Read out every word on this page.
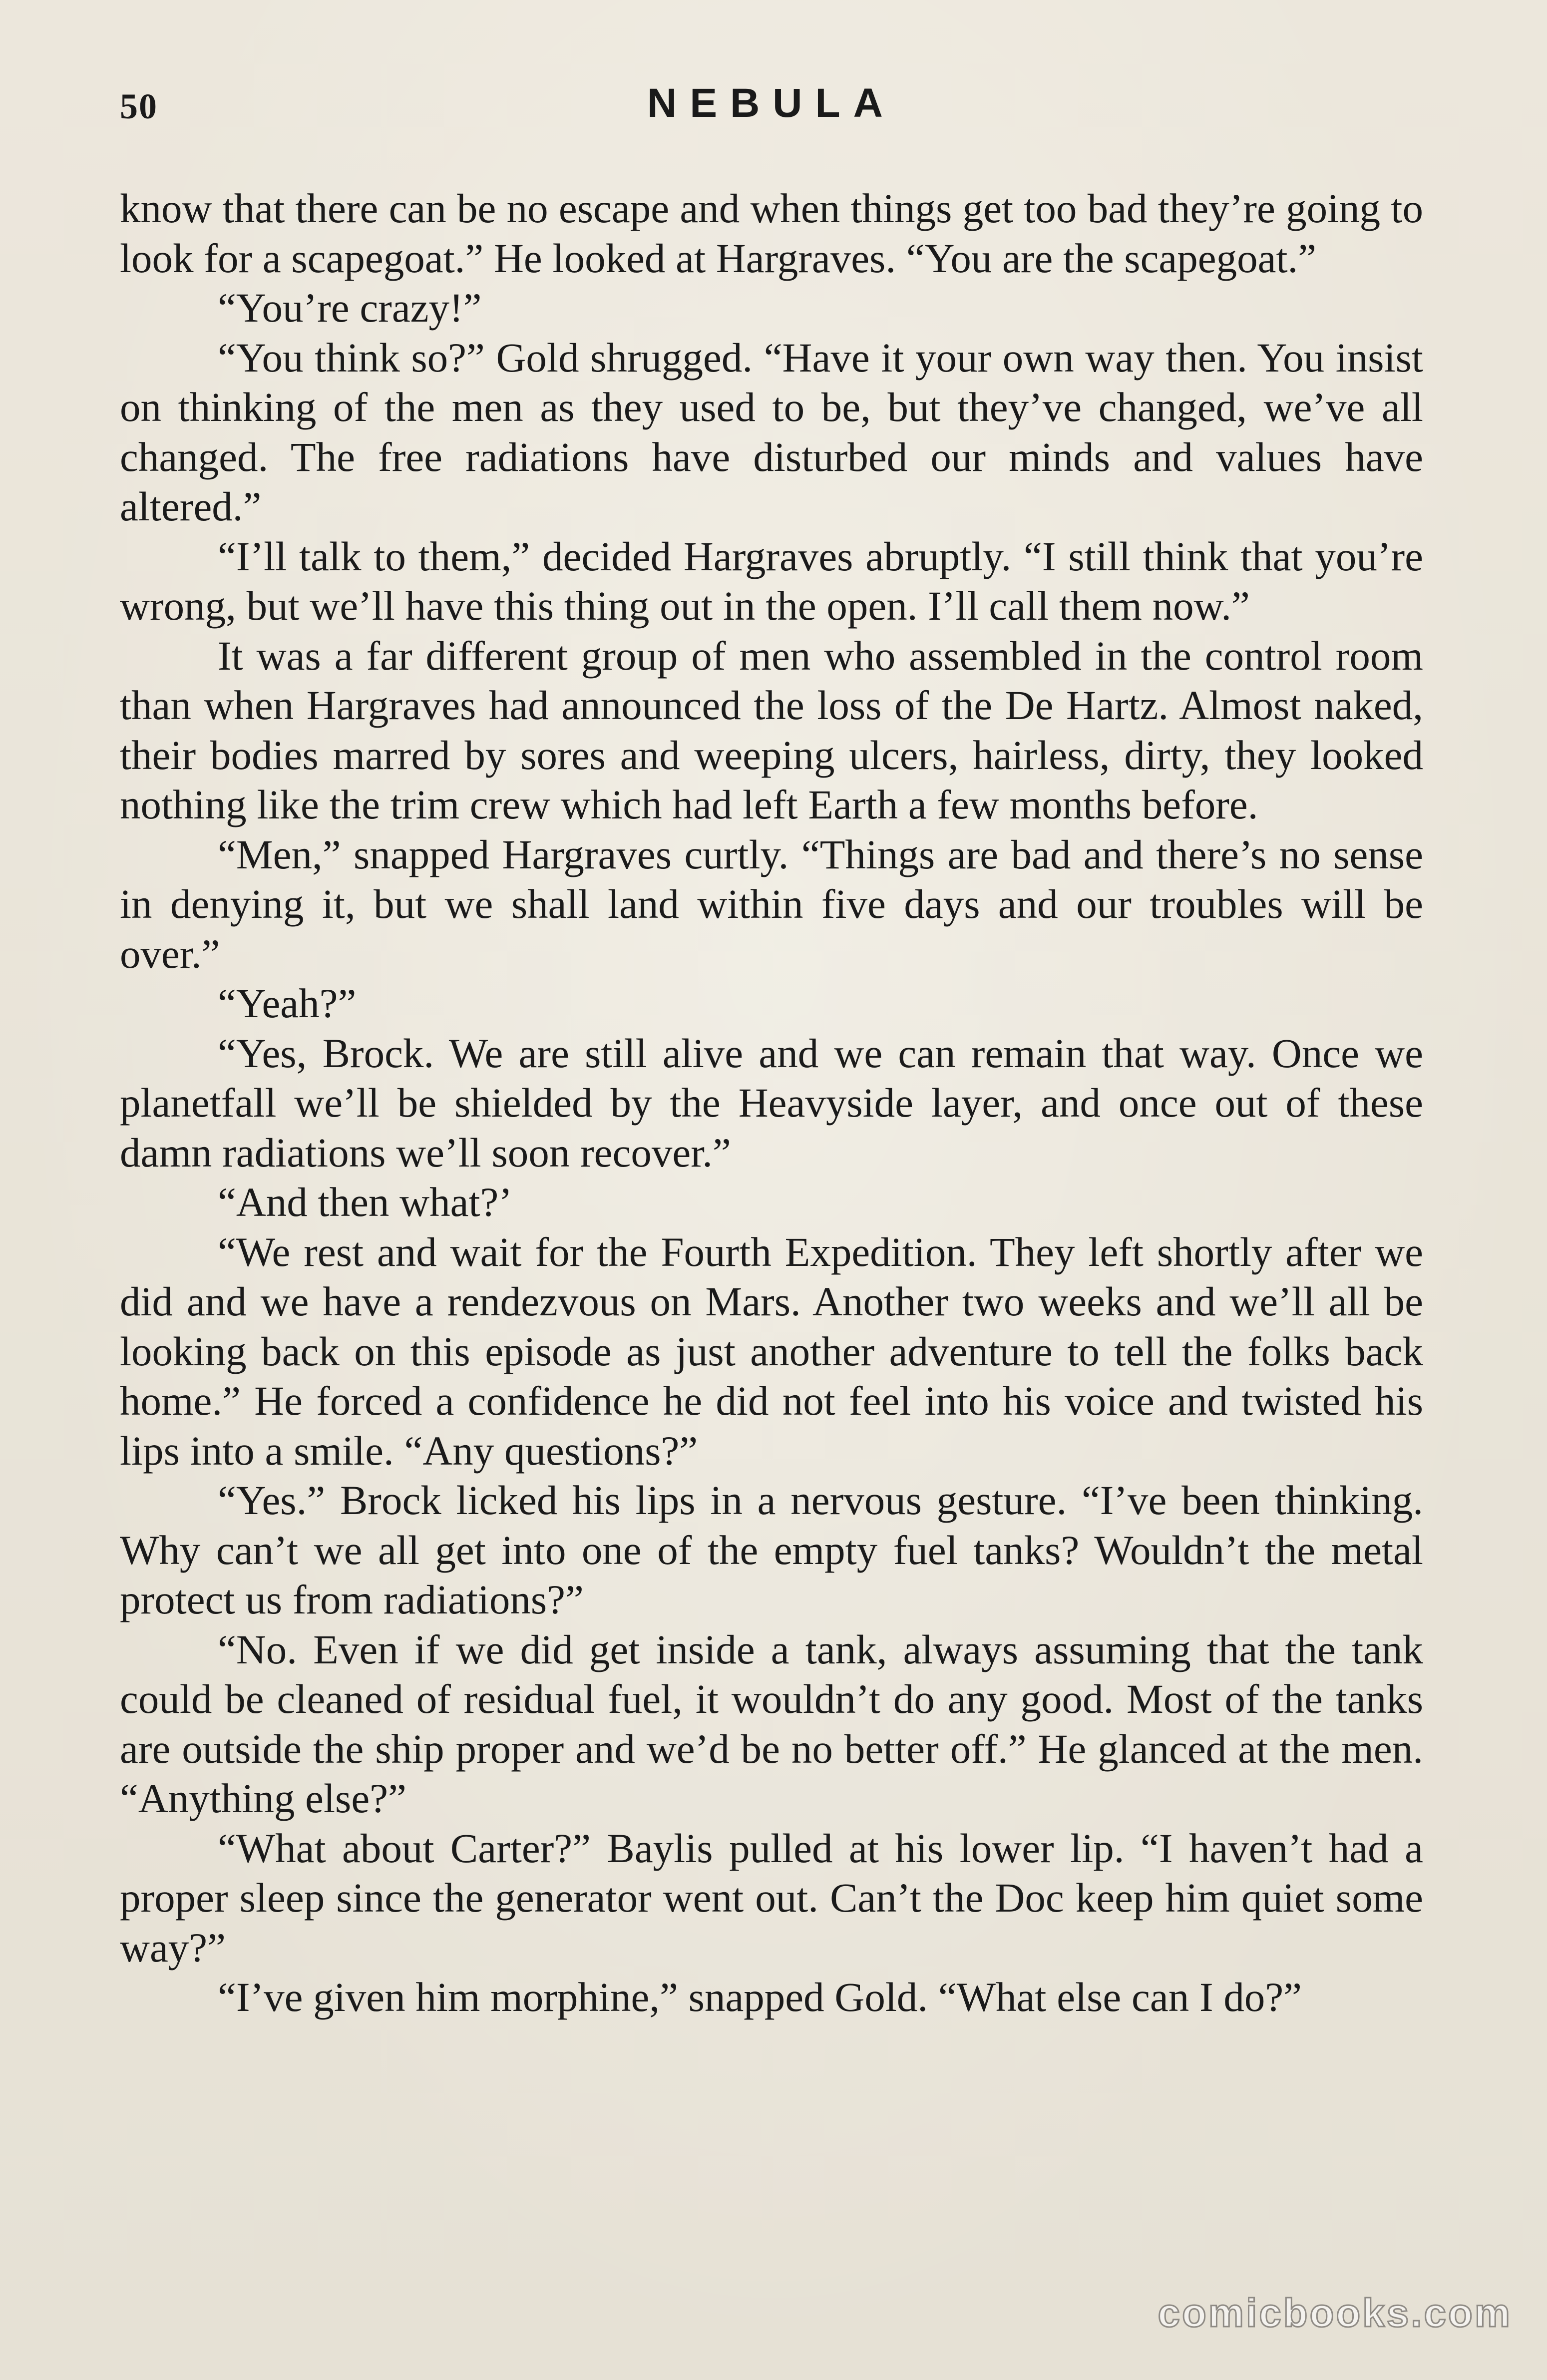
50	NEBULA

know that there can be no escape and when things get too bad they’re going to look for a scapegoat.” He looked at Hargraves. “You are the scapegoat.”

“You’re crazy!”

“You think so?” Gold shrugged. “Have it your own way then. You insist on thinking of the men as they used to be, but they’ve changed, we’ve all changed. The free radiations have disturbed our minds and values have altered.”

“I’ll talk to them,” decided Hargraves abruptly. “I still think that you’re wrong, but we’ll have this thing out in the open. I’ll call them now.”

It was a far different group of men who assembled in the control room than when Hargraves had announced the loss of the De Hartz. Almost naked, their bodies marred by sores and weeping ulcers, hairless, dirty, they looked nothing like the trim crew which had left Earth a few months before.

“Men,” snapped Hargraves curtly. “Things are bad and there’s no sense in denying it, but we shall land within five days and our troubles will be over.”

“Yeah?”

“Yes, Brock. We are still alive and we can remain that way. Once we planetfall we’ll be shielded by the Heavyside layer, and once out of these damn radiations we’ll soon recover.”

“And then what?’

“We rest and wait for the Fourth Expedition. They left shortly after we did and we have a rendezvous on Mars. Another two weeks and we’ll all be looking back on this episode as just another adventure to tell the folks back home.” He forced a confidence he did not feel into his voice and twisted his lips into a smile. “Any questions?”

“Yes.” Brock licked his lips in a nervous gesture. “I’ve been thinking. Why can’t we all get into one of the empty fuel tanks? Wouldn’t the metal protect us from radiations?”

“No. Even if we did get inside a tank, always assuming that the tank could be cleaned of residual fuel, it wouldn’t do any good. Most of the tanks are outside the ship proper and we’d be no better off.” He glanced at the men. “Anything else?”

“What about Carter?” Baylis pulled at his lower lip. “I haven’t had a proper sleep since the generator went out. Can’t the Doc keep him quiet some way?”

“I’ve given him morphine,” snapped Gold. “What else can I do?”

comicbooks.com
